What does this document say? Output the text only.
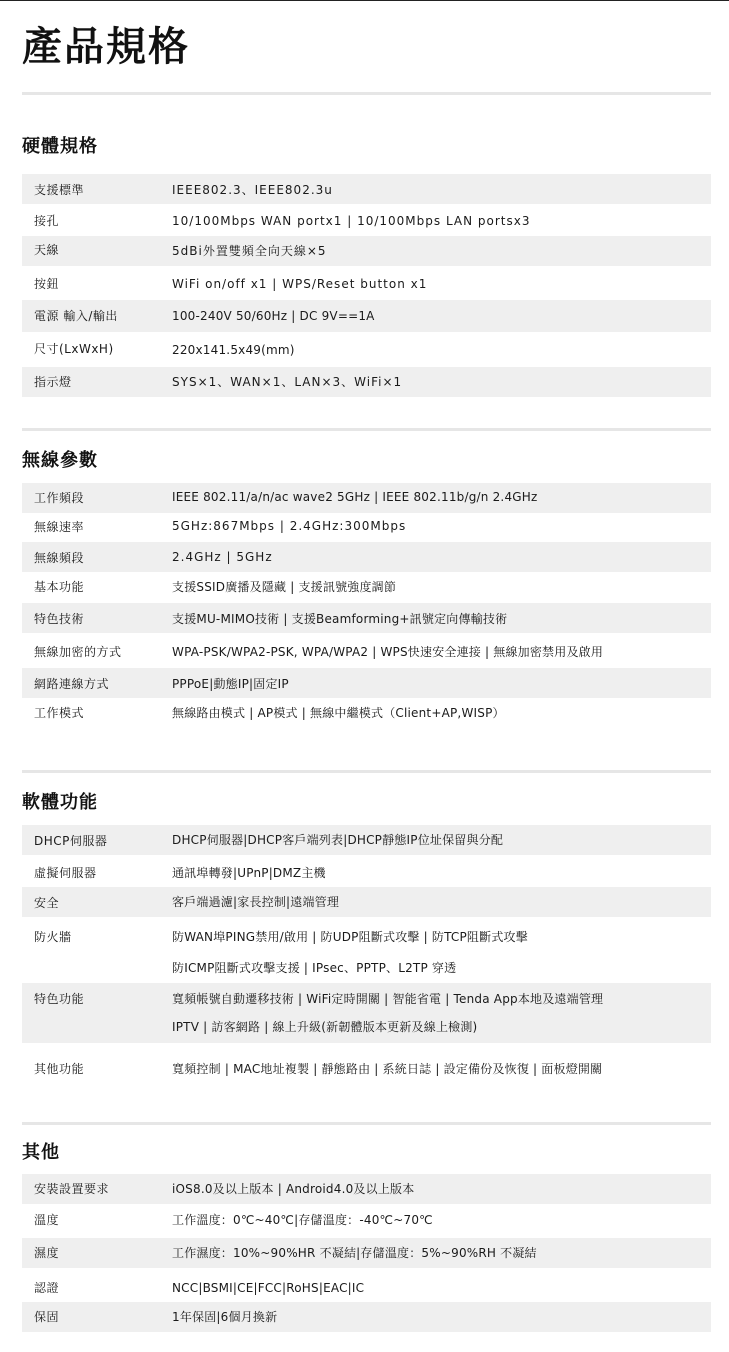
產品規格
硬體規格
支援標準	IEEE802.3、IEEE802.3u
接孔	10/100Mbps WAN portx1 | 10/100Mbps LAN portsx3
天線	5dBi外置雙頻全向天線×5
按鈕	WiFi on/off x1 | WPS/Reset button x1
電源 輸入/輸出	100-240V 50/60Hz | DC 9V==1A
尺寸(LxWxH)	220x141.5x49(mm)
指示燈	SYS×1、WAN×1、LAN×3、WiFi×1
無線參數
工作頻段	IEEE 802.11/a/n/ac wave2 5GHz | IEEE 802.11b/g/n 2.4GHz
無線速率	5GHz:867Mbps | 2.4GHz:300Mbps
無線頻段	2.4GHz | 5GHz
基本功能	支援SSID廣播及隱藏 | 支援訊號強度調節
特色技術	支援MU-MIMO技術 | 支援Beamforming+訊號定向傳輸技術
無線加密的方式	WPA-PSK/WPA2-PSK, WPA/WPA2 | WPS快速安全連接 | 無線加密禁用及啟用
網路連線方式	PPPoE|動態IP|固定IP
工作模式	無線路由模式 | AP模式 | 無線中繼模式（Client+AP,WISP）
軟體功能
DHCP伺服器	DHCP伺服器|DHCP客戶端列表|DHCP靜態IP位址保留與分配
虛擬伺服器	通訊埠轉發|UPnP|DMZ主機
安全	客戶端過濾|家長控制|遠端管理
防火牆	防WAN埠PING禁用/啟用 | 防UDP阻斷式攻擊 | 防TCP阻斷式攻擊
防ICMP阻斷式攻擊支援 | IPsec、PPTP、L2TP 穿透
特色功能	寬頻帳號自動遷移技術 | WiFi定時開關 | 智能省電 | Tenda App本地及遠端管理
IPTV | 訪客網路 | 線上升級(新韌體版本更新及線上檢測)
其他功能	寬頻控制 | MAC地址複製 | 靜態路由 | 系統日誌 | 設定備份及恢復 | 面板燈開關
其他
安裝設置要求	iOS8.0及以上版本 | Android4.0及以上版本
溫度	工作溫度：0℃~40℃|存儲溫度：-40℃~70℃
濕度	工作濕度：10%~90%HR 不凝結|存儲溫度：5%~90%RH 不凝結
認證	NCC|BSMI|CE|FCC|RoHS|EAC|IC
保固	1年保固|6個月換新
